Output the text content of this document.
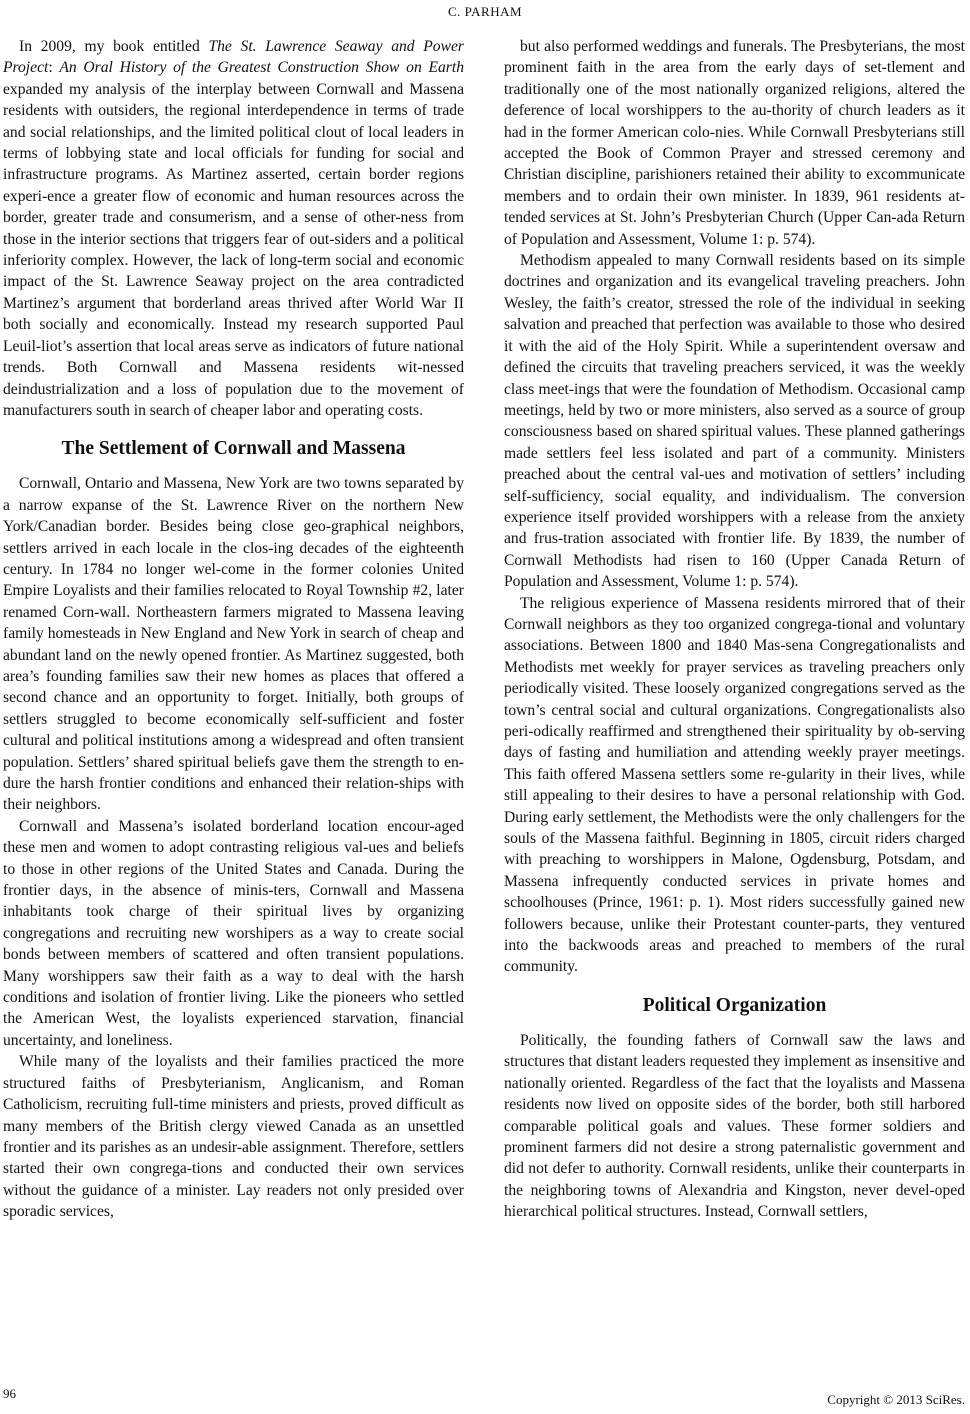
C. PARHAM

In 2009, my book entitled The St. Lawrence Seaway and Power Project: An Oral History of the Greatest Construction Show on Earth expanded my analysis of the interplay between Cornwall and Massena residents with outsiders, the regional interdependence in terms of trade and social relationships, and the limited political clout of local leaders in terms of lobbying state and local officials for funding for social and infrastructure programs. As Martinez asserted, certain border regions experi-ence a greater flow of economic and human resources across the border, greater trade and consumerism, and a sense of other-ness from those in the interior sections that triggers fear of out-siders and a political inferiority complex. However, the lack of long-term social and economic impact of the St. Lawrence Seaway project on the area contradicted Martinez’s argument that borderland areas thrived after World War II both socially and economically. Instead my research supported Paul Leuil-liot’s assertion that local areas serve as indicators of future national trends. Both Cornwall and Massena residents wit-nessed deindustrialization and a loss of population due to the movement of manufacturers south in search of cheaper labor and operating costs.

The Settlement of Cornwall and Massena

Cornwall, Ontario and Massena, New York are two towns separated by a narrow expanse of the St. Lawrence River on the northern New York/Canadian border. Besides being close geo-graphical neighbors, settlers arrived in each locale in the clos-ing decades of the eighteenth century. In 1784 no longer wel-come in the former colonies United Empire Loyalists and their families relocated to Royal Township #2, later renamed Corn-wall. Northeastern farmers migrated to Massena leaving family homesteads in New England and New York in search of cheap and abundant land on the newly opened frontier. As Martinez suggested, both area’s founding families saw their new homes as places that offered a second chance and an opportunity to forget. Initially, both groups of settlers struggled to become economically self-sufficient and foster cultural and political institutions among a widespread and often transient population. Settlers’ shared spiritual beliefs gave them the strength to en-dure the harsh frontier conditions and enhanced their relation-ships with their neighbors.

Cornwall and Massena’s isolated borderland location encour-aged these men and women to adopt contrasting religious val-ues and beliefs to those in other regions of the United States and Canada. During the frontier days, in the absence of minis-ters, Cornwall and Massena inhabitants took charge of their spiritual lives by organizing congregations and recruiting new worshipers as a way to create social bonds between members of scattered and often transient populations. Many worshippers saw their faith as a way to deal with the harsh conditions and isolation of frontier living. Like the pioneers who settled the American West, the loyalists experienced starvation, financial uncertainty, and loneliness.

While many of the loyalists and their families practiced the more structured faiths of Presbyterianism, Anglicanism, and Roman Catholicism, recruiting full-time ministers and priests, proved difficult as many members of the British clergy viewed Canada as an unsettled frontier and its parishes as an undesir-able assignment. Therefore, settlers started their own congrega-tions and conducted their own services without the guidance of a minister. Lay readers not only presided over sporadic services,

but also performed weddings and funerals. The Presbyterians, the most prominent faith in the area from the early days of set-tlement and traditionally one of the most nationally organized religions, altered the deference of local worshippers to the au-thority of church leaders as it had in the former American colo-nies. While Cornwall Presbyterians still accepted the Book of Common Prayer and stressed ceremony and Christian discipline, parishioners retained their ability to excommunicate members and to ordain their own minister. In 1839, 961 residents at-tended services at St. John’s Presbyterian Church (Upper Can-ada Return of Population and Assessment, Volume 1: p. 574).

Methodism appealed to many Cornwall residents based on its simple doctrines and organization and its evangelical traveling preachers. John Wesley, the faith’s creator, stressed the role of the individual in seeking salvation and preached that perfection was available to those who desired it with the aid of the Holy Spirit. While a superintendent oversaw and defined the circuits that traveling preachers serviced, it was the weekly class meet-ings that were the foundation of Methodism. Occasional camp meetings, held by two or more ministers, also served as a source of group consciousness based on shared spiritual values. These planned gatherings made settlers feel less isolated and part of a community. Ministers preached about the central val-ues and motivation of settlers’ including self-sufficiency, social equality, and individualism. The conversion experience itself provided worshippers with a release from the anxiety and frus-tration associated with frontier life. By 1839, the number of Cornwall Methodists had risen to 160 (Upper Canada Return of Population and Assessment, Volume 1: p. 574).

The religious experience of Massena residents mirrored that of their Cornwall neighbors as they too organized congrega-tional and voluntary associations. Between 1800 and 1840 Mas-sena Congregationalists and Methodists met weekly for prayer services as traveling preachers only periodically visited. These loosely organized congregations served as the town’s central social and cultural organizations. Congregationalists also peri-odically reaffirmed and strengthened their spirituality by ob-serving days of fasting and humiliation and attending weekly prayer meetings. This faith offered Massena settlers some re-gularity in their lives, while still appealing to their desires to have a personal relationship with God. During early settlement, the Methodists were the only challengers for the souls of the Massena faithful. Beginning in 1805, circuit riders charged with preaching to worshippers in Malone, Ogdensburg, Potsdam, and Massena infrequently conducted services in private homes and schoolhouses (Prince, 1961: p. 1). Most riders successfully gained new followers because, unlike their Protestant counter-parts, they ventured into the backwoods areas and preached to members of the rural community.

Political Organization

Politically, the founding fathers of Cornwall saw the laws and structures that distant leaders requested they implement as insensitive and nationally oriented. Regardless of the fact that the loyalists and Massena residents now lived on opposite sides of the border, both still harbored comparable political goals and values. These former soldiers and prominent farmers did not desire a strong paternalistic government and did not defer to authority. Cornwall residents, unlike their counterparts in the neighboring towns of Alexandria and Kingston, never devel-oped hierarchical political structures. Instead, Cornwall settlers,

96	Copyright © 2013 SciRes.
